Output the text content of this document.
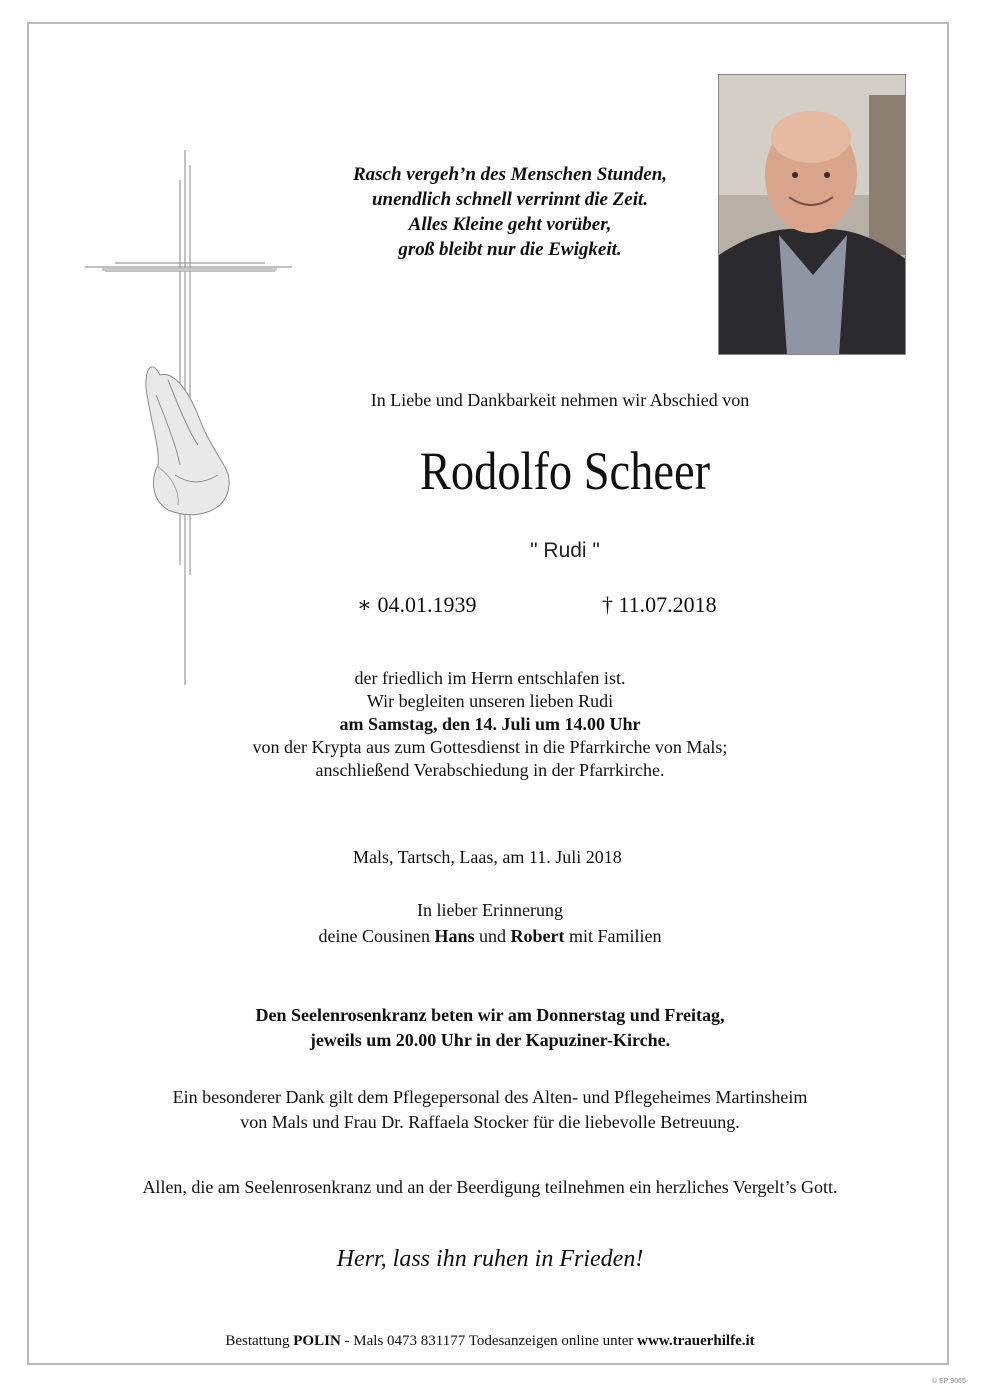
Rasch vergeh’n des Menschen Stunden,
unendlich schnell verrinnt die Zeit.
Alles Kleine geht vorüber,
groß bleibt nur die Ewigkeit.
In Liebe und Dankbarkeit nehmen wir Abschied von
Rodolfo Scheer
" Rudi "
∗ 04.01.1939	† 11.07.2018
der friedlich im Herrn entschlafen ist.
Wir begleiten unseren lieben Rudi
am Samstag, den 14. Juli um 14.00 Uhr
von der Krypta aus zum Gottesdienst in die Pfarrkirche von Mals;
anschließend Verabschiedung in der Pfarrkirche.
Mals, Tartsch, Laas, am 11. Juli 2018
In lieber Erinnerung
deine Cousinen Hans und Robert mit Familien
Den Seelenrosenkranz beten wir am Donnerstag und Freitag,
jeweils um 20.00 Uhr in der Kapuziner-Kirche.
Ein besonderer Dank gilt dem Pflegepersonal des Alten- und Pflegeheimes Martinsheim
von Mals und Frau Dr. Raffaela Stocker für die liebevolle Betreuung.
Allen, die am Seelenrosenkranz und an der Beerdigung teilnehmen ein herzliches Vergelt’s Gott.
Herr, lass ihn ruhen in Frieden!
Bestattung POLIN - Mals 0473 831177 Todesanzeigen online unter www.trauerhilfe.it
© EP 9065
